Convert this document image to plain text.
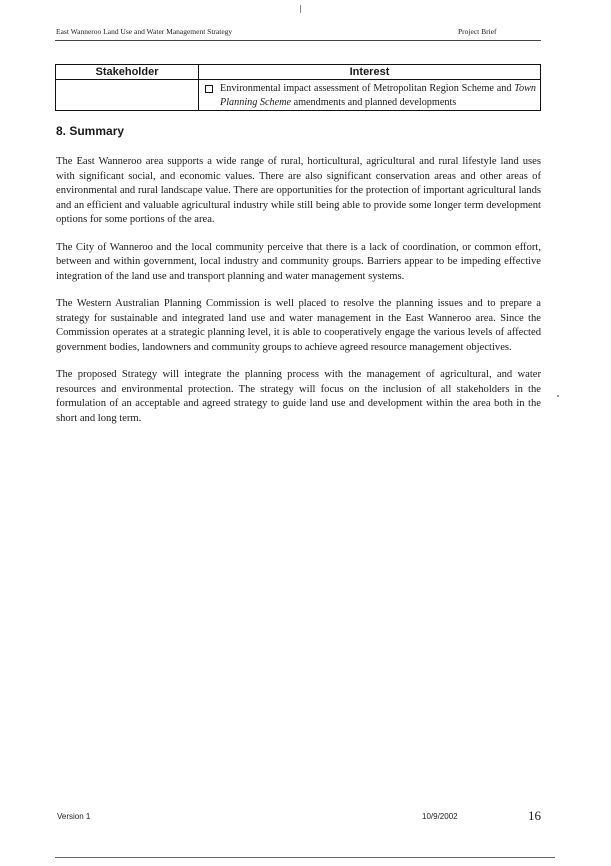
East Wanneroo Land Use and Water Management Strategy	Project Brief
Stakeholder	Interest

	Environmental impact assessment of Metropolitan Region Scheme and Town Planning Scheme amendments and planned developments
8. Summary

The East Wanneroo area supports a wide range of rural, horticultural, agricultural and rural lifestyle land uses with significant social, and economic values. There are also significant conservation areas and other areas of environmental and rural landscape value. There are opportunities for the protection of important agricultural lands and an efficient and valuable agricultural industry while still being able to provide some longer term development options for some portions of the area.

The City of Wanneroo and the local community perceive that there is a lack of coordination, or common effort, between and within government, local industry and community groups. Barriers appear to be impeding effective integration of the land use and transport planning and water management systems.

The Western Australian Planning Commission is well placed to resolve the planning issues and to prepare a strategy for sustainable and integrated land use and water management in the East Wanneroo area. Since the Commission operates at a strategic planning level, it is able to cooperatively engage the various levels of affected government bodies, landowners and community groups to achieve agreed resource management objectives.

The proposed Strategy will integrate the planning process with the management of agricultural, and water resources and environmental protection. The strategy will focus on the inclusion of all stakeholders in the formulation of an acceptable and agreed strategy to guide land use and development within the area both in the short and long term.

Version 1	10/9/2002	16
